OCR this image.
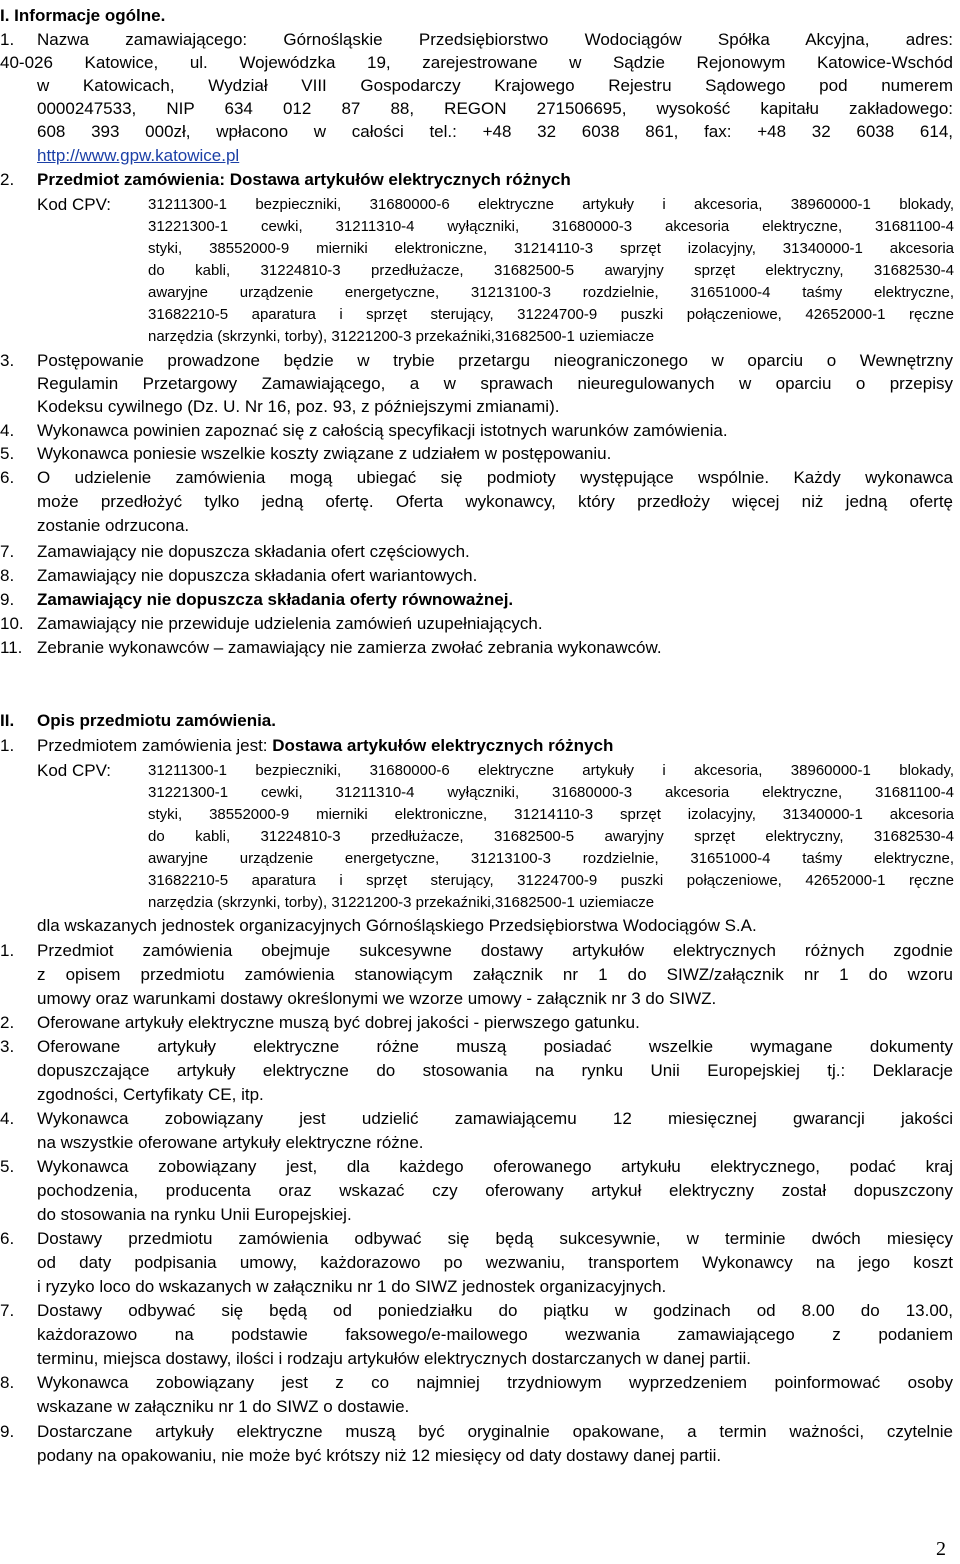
I. Informacje ogólne.
1. Nazwa zamawiającego: Górnośląskie Przedsiębiorstwo Wodociągów Spółka Akcyjna, adres:
40-026 Katowice, ul. Wojewódzka 19, zarejestrowane w Sądzie Rejonowym Katowice-Wschód
w Katowicach, Wydział VIII Gospodarczy Krajowego Rejestru Sądowego pod numerem
0000247533, NIP 634 012 87 88, REGON 271506695, wysokość kapitału zakładowego:
608 393 000zł, wpłacono w całości tel.: +48 32 6038 861, fax: +48 32 6038 614,
http://www.gpw.katowice.pl
2. Przedmiot zamówienia: Dostawa artykułów elektrycznych różnych
Kod CPV: 31211300-1 bezpieczniki, 31680000-6 elektryczne artykuły i akcesoria, 38960000-1 blokady,
31221300-1 cewki, 31211310-4 wyłączniki, 31680000-3 akcesoria elektryczne, 31681100-4
styki, 38552000-9 mierniki elektroniczne, 31214110-3 sprzęt izolacyjny, 31340000-1 akcesoria
do kabli, 31224810-3 przedłużacze, 31682500-5 awaryjny sprzęt elektryczny, 31682530-4
awaryjne urządzenie energetyczne, 31213100-3 rozdzielnie, 31651000-4 taśmy elektryczne,
31682210-5 aparatura i sprzęt sterujący, 31224700-9 puszki połączeniowe, 42652000-1 ręczne
narzędzia (skrzynki, torby), 31221200-3 przekaźniki,31682500-1 uziemiacze
3. Postępowanie prowadzone będzie w trybie przetargu nieograniczonego w oparciu o Wewnętrzny
Regulamin Przetargowy Zamawiającego, a w sprawach nieuregulowanych w oparciu o przepisy
Kodeksu cywilnego (Dz. U. Nr 16, poz. 93, z późniejszymi zmianami).
4. Wykonawca powinien zapoznać się z całością specyfikacji istotnych warunków zamówienia.
5. Wykonawca poniesie wszelkie koszty związane z udziałem w postępowaniu.
6. O udzielenie zamówienia mogą ubiegać się podmioty występujące wspólnie. Każdy wykonawca
może przedłożyć tylko jedną ofertę. Oferta wykonawcy, który przedłoży więcej niż jedną ofertę
zostanie odrzucona.
7. Zamawiający nie dopuszcza składania ofert częściowych.
8. Zamawiający nie dopuszcza składania ofert wariantowych.
9. Zamawiający nie dopuszcza składania oferty równoważnej.
10. Zamawiający nie przewiduje udzielenia zamówień uzupełniających.
11. Zebranie wykonawców – zamawiający nie zamierza zwołać zebrania wykonawców.
II. Opis przedmiotu zamówienia.
1. Przedmiotem zamówienia jest: Dostawa artykułów elektrycznych różnych
Kod CPV: 31211300-1 bezpieczniki, 31680000-6 elektryczne artykuły i akcesoria, 38960000-1 blokady,
31221300-1 cewki, 31211310-4 wyłączniki, 31680000-3 akcesoria elektryczne, 31681100-4
styki, 38552000-9 mierniki elektroniczne, 31214110-3 sprzęt izolacyjny, 31340000-1 akcesoria
do kabli, 31224810-3 przedłużacze, 31682500-5 awaryjny sprzęt elektryczny, 31682530-4
awaryjne urządzenie energetyczne, 31213100-3 rozdzielnie, 31651000-4 taśmy elektryczne,
31682210-5 aparatura i sprzęt sterujący, 31224700-9 puszki połączeniowe, 42652000-1 ręczne
narzędzia (skrzynki, torby), 31221200-3 przekaźniki,31682500-1 uziemiacze
dla wskazanych jednostek organizacyjnych Górnośląskiego Przedsiębiorstwa Wodociągów S.A.
1. Przedmiot zamówienia obejmuje sukcesywne dostawy artykułów elektrycznych różnych zgodnie
z opisem przedmiotu zamówienia stanowiącym załącznik nr 1 do SIWZ/załącznik nr 1 do wzoru
umowy oraz warunkami dostawy określonymi we wzorze umowy - załącznik nr 3 do SIWZ.
2. Oferowane artykuły elektryczne muszą być dobrej jakości - pierwszego gatunku.
3. Oferowane artykuły elektryczne różne muszą posiadać wszelkie wymagane dokumenty
dopuszczające artykuły elektryczne do stosowania na rynku Unii Europejskiej tj.: Deklaracje
zgodności, Certyfikaty CE, itp.
4. Wykonawca zobowiązany jest udzielić zamawiającemu 12 miesięcznej gwarancji jakości
na wszystkie oferowane artykuły elektryczne różne.
5. Wykonawca zobowiązany jest, dla każdego oferowanego artykułu elektrycznego, podać kraj
pochodzenia, producenta oraz wskazać czy oferowany artykuł elektryczny został dopuszczony
do stosowania na rynku Unii Europejskiej.
6. Dostawy przedmiotu zamówienia odbywać się będą sukcesywnie, w terminie dwóch miesięcy
od daty podpisania umowy, każdorazowo po wezwaniu, transportem Wykonawcy na jego koszt
i ryzyko loco do wskazanych w załączniku nr 1 do SIWZ jednostek organizacyjnych.
7. Dostawy odbywać się będą od poniedziałku do piątku w godzinach od 8.00 do 13.00,
każdorazowo na podstawie faksowego/e-mailowego wezwania zamawiającego z podaniem
terminu, miejsca dostawy, ilości i rodzaju artykułów elektrycznych dostarczanych w danej partii.
8. Wykonawca zobowiązany jest z co najmniej trzydniowym wyprzedzeniem poinformować osoby
wskazane w załączniku nr 1 do SIWZ o dostawie.
9. Dostarczane artykuły elektryczne muszą być oryginalnie opakowane, a termin ważności, czytelnie
podany na opakowaniu, nie może być krótszy niż 12 miesięcy od daty dostawy danej partii.
2
